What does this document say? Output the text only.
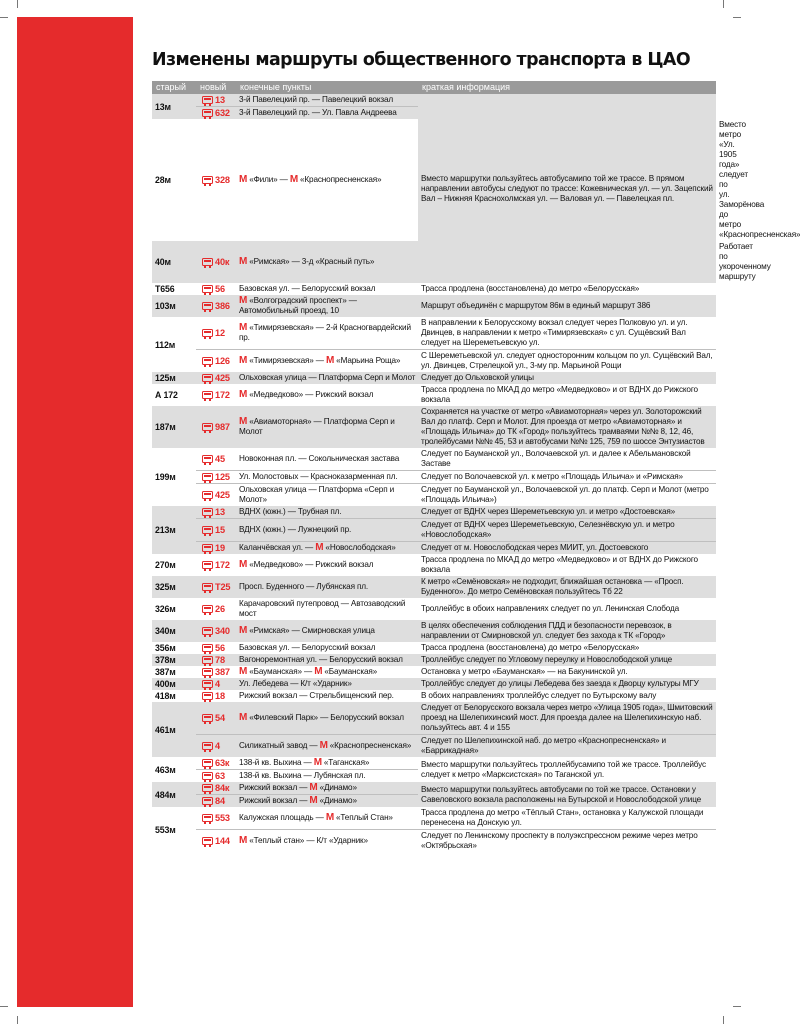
Изменены маршруты общественного транспорта в ЦАО
старый	новый	конечные пункты	краткая информация	
13м	13	3-й Павелецкий пр. — Павелецкий вокзал	Вместо маршрутки пользуйтесь автобусамипо той же трассе. В прямом направлении автобусы следуют по трассе: Кожевническая ул. — ул. Зацепский Вал – Нижняя Краснохолмская ул. — Валовая ул. — Павелецкая пл.	
	632	3-й Павелецкий пр. — Ул. Павла Андреева		
28м	328	М «Фили» — М «Краснопресненская»		Вместо метро «Ул. 1905 года» следует по ул. Заморёнова до метро «Краснопресненская»
40м	40к	М «Римская» — 3-д «Красный путь»		Работает по укороченному маршруту
Т656	56	Базовская ул. — Белорусский вокзал	Трасса продлена (восстановлена) до метро «Белорусская»	
103м	386	М «Волгоградский проспект» — Автомобильный проезд, 10	Маршрут объединён с маршрутом 86м в единый маршрут 386	
112м	12	М «Тимирязевская» — 2-й Красногвардейский пр.	В направлении к Белорусскому вокзал следует через Полковую ул. и ул. Двинцев, в направлении к метро «Тимирязевская» с ул. Сущёвский Вал следует на Шереметьевскую ул.	
	126	М «Тимирязевская» — М «Марьина Роща»	С Шереметьевской ул. следует односторонним кольцом по ул. Сущёвский Вал, ул. Двинцев, Стрелецкой ул., 3-му пр. Марьиной Рощи	
125м	425	Ольховская улица — Платформа Серп и Молот	Следует до Ольховской улицы	
А 172	172	М «Медведково» — Рижский вокзал	Трасса продлена по МКАД до метро «Медведково» и от ВДНХ до Рижского вокзала	
187м	987	М «Авиамоторная» — Платформа Серп и Молот	Сохраняется на участке от метро «Авиамоторная» через ул. Золоторожский Вал до платф. Серп и Молот. Для проезда от метро «Авиамоторная» и «Площадь Ильича» до ТК «Город» пользуйтесь трамваями №№ 8, 12, 46, тролейбусами №№ 45, 53 и автобусами №№ 125, 759 по шоссе Энтузиастов	
199м	45	Новоконная пл. — Сокольническая застава	Следует по Бауманской ул., Волочаевской ул. и далее к Абельмановской Заставе	
	125	Ул. Молостовых — Красноказарменная пл.	Следует по Волочаевской ул. к метро «Площадь Ильича» и «Римская»	
	425	Ольховская улица — Платформа «Серп и Молот»	Следует по Бауманской ул., Волочаевской ул. до платф. Серп и Молот (метро «Площадь Ильича»)	
213м	13	ВДНХ (южн.) — Трубная пл.	Следует от ВДНХ через Шереметьевскую ул. и метро «Достоевская»	
	15	ВДНХ (южн.) — Лужнецкий пр.	Следует от ВДНХ через Шереметьевскую, Селезнёвскую ул. и метро «Новослободская»	
	19	Каланчёвская ул. — М «Новослободская»	Следует от м. Новослободская через МИИТ, ул. Достоевского	
270м	172	М «Медведково» — Рижский вокзал	Трасса продлена по МКАД до метро «Медведково» и от ВДНХ до Рижского вокзала	
325м	Т25	Просп. Буденного — Лубянская пл.	К метро «Семёновская» не подходит, ближайшая остановка — «Просп. Буденного». До метро Семёновская пользуйтесь Тб 22	
326м	26	Карачаровский путепровод — Автозаводский мост	Троллейбус в обоих направлениях следует по ул. Ленинская Слобода	
340м	340	М «Римская» — Смирновская улица	В целях обеспечения соблюдения ПДД и безопасности перевозок, в направлении от Смирновской ул. следует без захода к ТК «Город»	
356м	56	Базовская ул. — Белорусский вокзал	Трасса продлена (восстановлена) до метро «Белорусская»	
378м	78	Вагоноремонтная ул. — Белорусский вокзал	Троллейбус следует по Угловому переулку и Новослободской улице	
387м	387	М «Бауманская» — М «Бауманская»	Остановка у метро «Бауманская» — на Бакунинской ул.	
400м	4	Ул. Лебедева — К/т «Ударник»	Троллейбус следует до улицы Лебедева без заезда к Дворцу культуры МГУ	
418м	18	Рижский вокзал — Стрельбищенский пер.	В обоих направлениях троллейбус следует по Бутырскому валу	
461м	54	М «Филевский Парк» — Белорусский вокзал	Следует от Белорусского вокзала через метро «Улица 1905 года», Шмитовский проезд на Шелепихинский мост. Для проезда далее на Шелепихинскую наб. пользуйтесь авт. 4 и 155	
	4	Силикатный завод — М «Краснопресненская»	Следует по Шелепихинской наб. до метро «Краснопресненская» и «Баррикадная»	
463м	63к	138-й кв. Выхина — М «Таганская»	Вместо маршрутки пользуйтесь троллейбусамипо той же трассе. Троллейбус следует к метро «Марксистская» по Таганской ул.	
	63	138-й кв. Выхина — Лубянская пл.		
484м	84к	Рижский вокзал — М «Динамо»	Вместо маршрутки пользуйтесь автобусами по той же трассе. Остановки у Савеловского вокзала расположены на Бутырской и Новослободской улице	
	84	Рижский вокзал — М «Динамо»		
553м	553	Калужская площадь — М «Теплый Стан»	Трасса продлена до метро «Тёплый Стан», остановка у Калужской площади перенесена на Донскую ул.	
	144	М «Теплый стан» — К/т «Ударник»	Следует по Ленинскому проспекту в полуэкспрессном режиме через метро «Октябрьская»	
